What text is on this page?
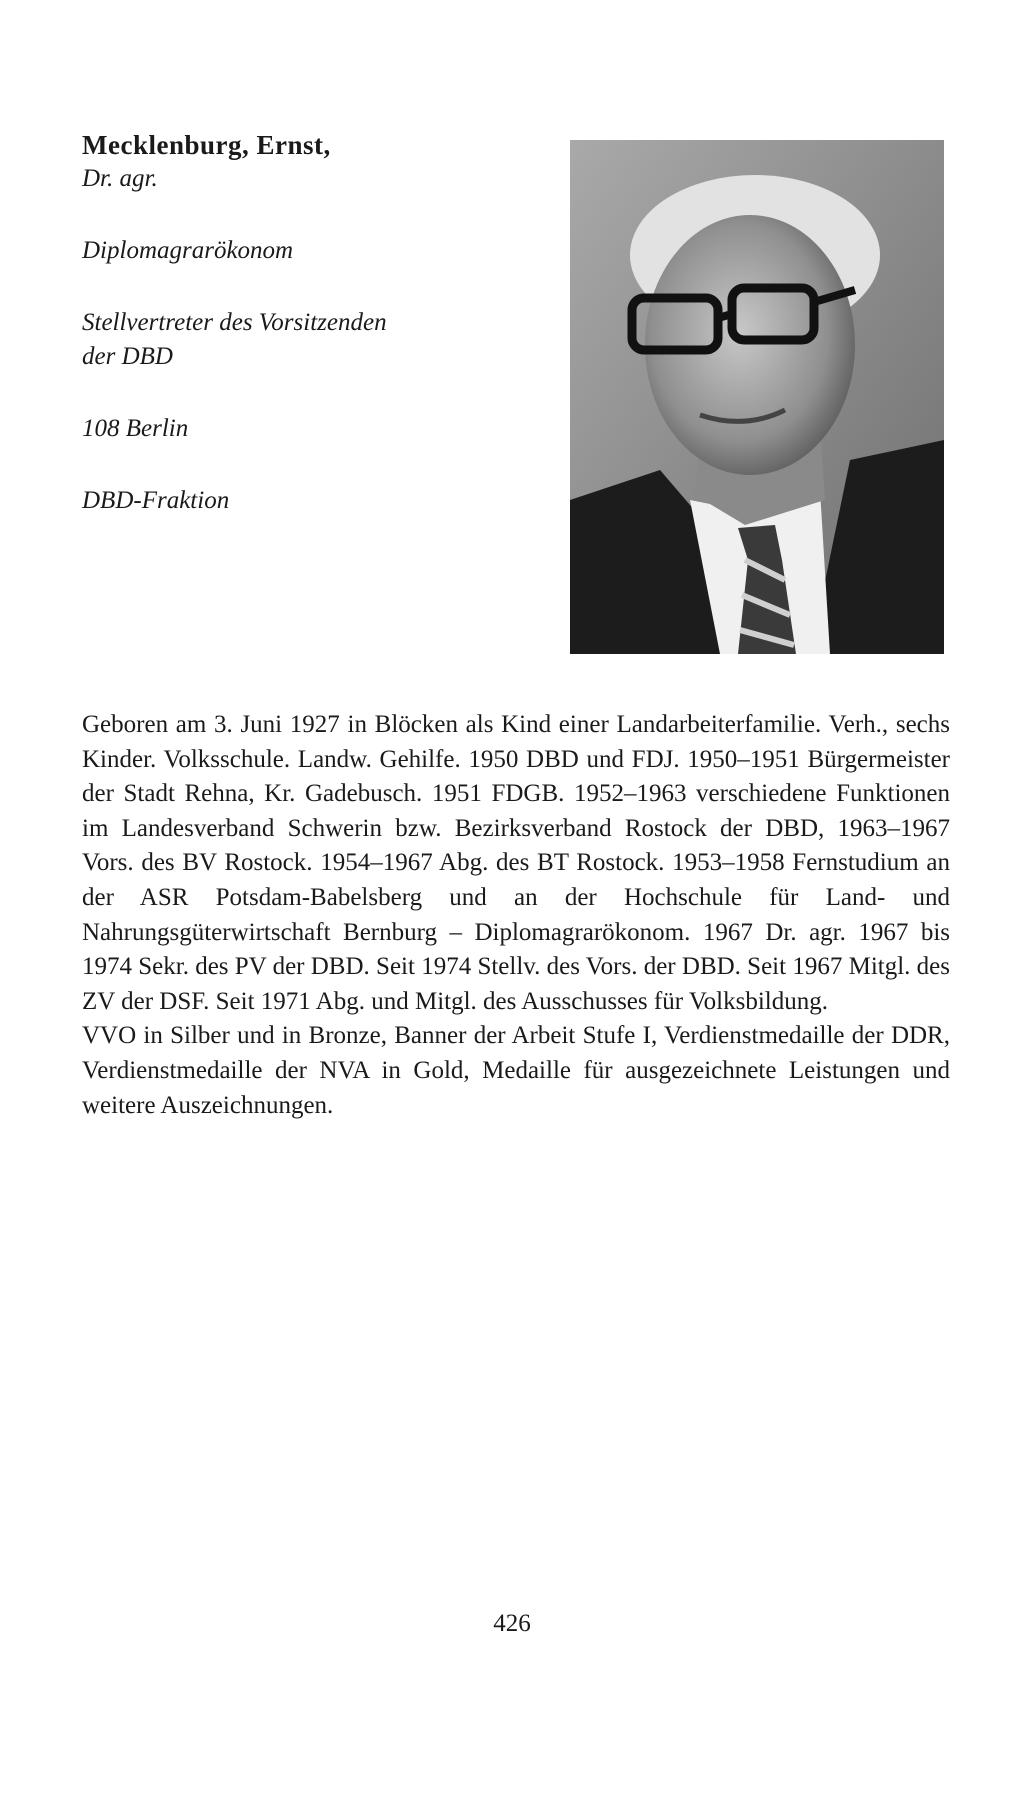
Mecklenburg, Ernst,
Dr. agr.
Diplomagrarökonom
Stellvertreter des Vorsitzenden
der DBD
108 Berlin
DBD-Fraktion

Geboren am 3. Juni 1927 in Blöcken als Kind einer Landarbeiterfamilie. Verh., sechs Kinder. Volksschule. Landw. Gehilfe. 1950 DBD und FDJ. 1950–1951 Bürgermeister der Stadt Rehna, Kr. Gadebusch. 1951 FDGB. 1952–1963 verschiedene Funktionen im Landesverband Schwerin bzw. Bezirksverband Rostock der DBD, 1963–1967 Vors. des BV Rostock. 1954–1967 Abg. des BT Rostock. 1953–1958 Fernstudium an der ASR Potsdam-Babelsberg und an der Hochschule für Land- und Nahrungsgüterwirtschaft Bernburg – Diplomagrarökonom. 1967 Dr. agr. 1967 bis 1974 Sekr. des PV der DBD. Seit 1974 Stellv. des Vors. der DBD. Seit 1967 Mitgl. des ZV der DSF. Seit 1971 Abg. und Mitgl. des Ausschusses für Volksbildung.

VVO in Silber und in Bronze, Banner der Arbeit Stufe I, Verdienstmedaille der DDR, Verdienstmedaille der NVA in Gold, Medaille für ausgezeichnete Leistungen und weitere Auszeichnungen.

426
